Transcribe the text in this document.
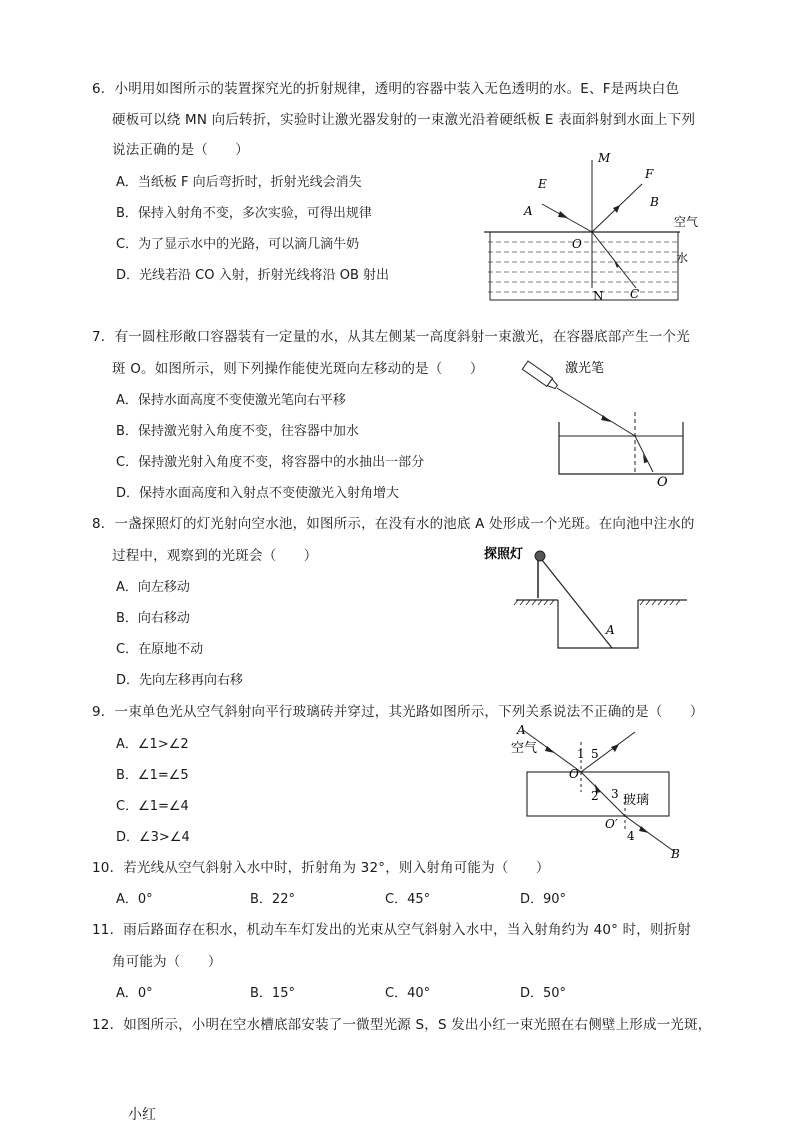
6．小明用如图所示的装置探究光的折射规律，透明的容器中装入无色透明的水。E、F是两块白色
硬板可以绕 MN 向后转折，实验时让激光器发射的一束激光沿着硬纸板 E 表面斜射到水面上下列
说法正确的是（　　）
A．当纸板 F 向后弯折时，折射光线会消失
B．保持入射角不变，多次实验，可得出规律
C．为了显示水中的光路，可以滴几滴牛奶
D．光线若沿 CO 入射，折射光线将沿 OB 射出
M
N
E
F
A
B
O
C
空气
水
7．有一圆柱形敞口容器装有一定量的水，从其左侧某一高度斜射一束激光，在容器底部产生一个光
斑 O。如图所示，则下列操作能使光斑向左移动的是（　　）
A．保持水面高度不变使激光笔向右平移
B．保持激光射入角度不变，往容器中加水
C．保持激光射入角度不变，将容器中的水抽出一部分
D．保持水面高度和入射点不变使激光入射角增大
激光笔
O
8．一盏探照灯的灯光射向空水池，如图所示，在没有水的池底 A 处形成一个光斑。在向池中注水的
过程中，观察到的光斑会（　　）
A．向左移动
B．向右移动
C．在原地不动
D．先向左移再向右移
探照灯
A
9．一束单色光从空气斜射向平行玻璃砖并穿过，其光路如图所示，下列关系说法不正确的是（　　）
A．∠1>∠2
B．∠1=∠5
C．∠1=∠4
D．∠3>∠4
A
空气	1 5
O
2 3 玻璃
O′
4
B
10．若光线从空气斜射入水中时，折射角为 32°，则入射角可能为（　　）
A．0°	B．22°	C．45°	D．90°
11．雨后路面存在积水，机动车车灯发出的光束从空气斜射入水中，当入射角约为 40° 时，则折射
角可能为（　　）
A．0°	B．15°	C．40°	D．50°
12．如图所示，小明在空水槽底部安装了一微型光源 S，S 发出小红一束光照在右侧壁上形成一光斑，
小红
